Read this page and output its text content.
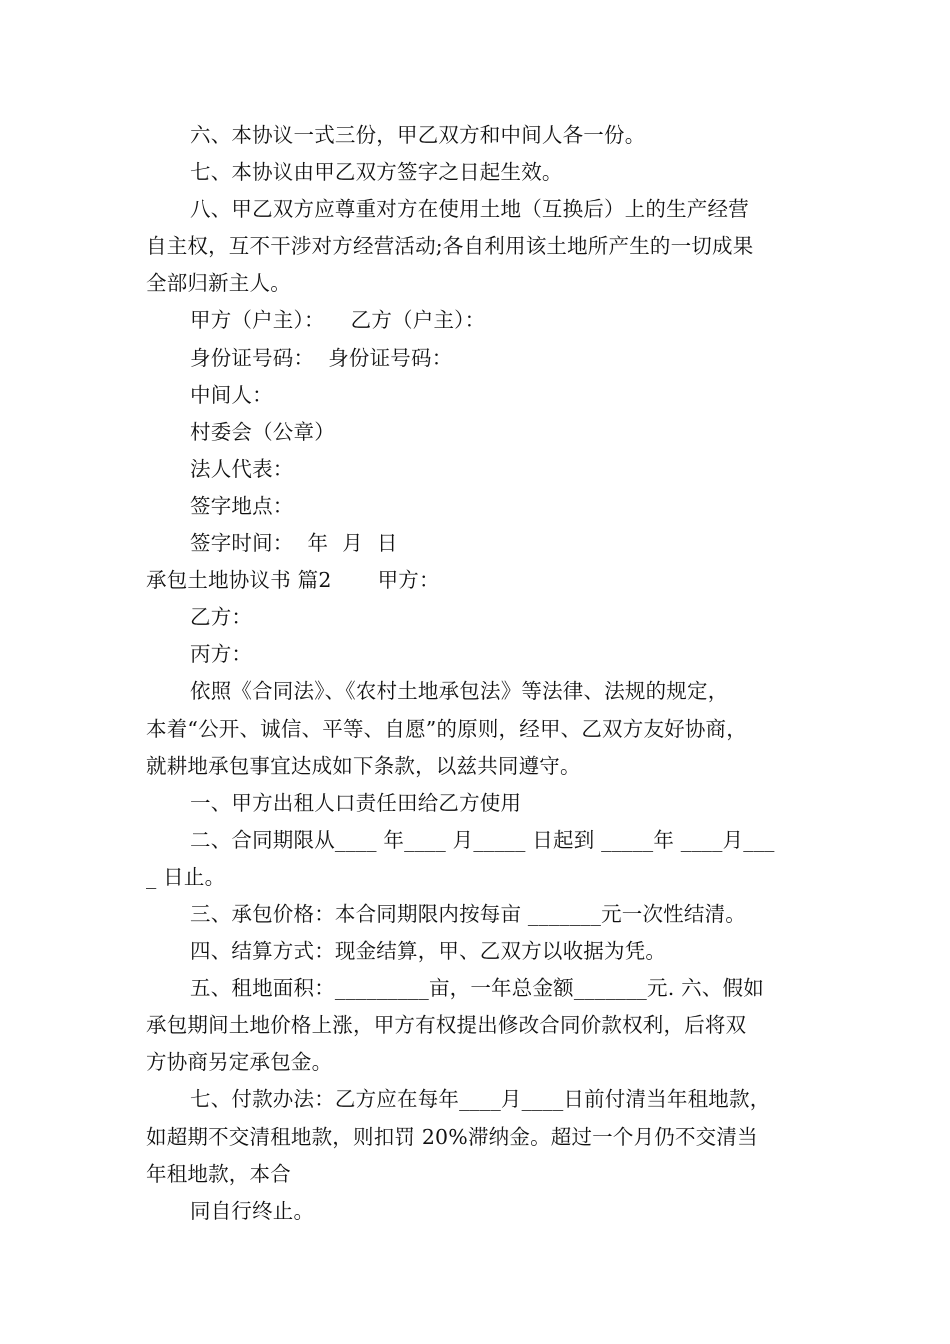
六、本协议一式三份，甲乙双方和中间人各一份。
七、本协议由甲乙双方签字之日起生效。
八、甲乙双方应尊重对方在使用土地（互换后）上的生产经营
自主权，互不干涉对方经营活动;各自利用该土地所产生的一切成果
全部归新主人。
甲方（户主）： 乙方（户主）：
身份证号码： 身份证号码：
中间人：
村委会（公章）
法人代表：
签字地点：
签字时间： 年 月 日
承包土地协议书 篇2 甲方：
乙方：
丙方：
依照《合同法》、《农村土地承包法》等法律、法规的规定，
本着“公开、诚信、平等、自愿”的原则，经甲、乙双方友好协商，
就耕地承包事宜达成如下条款，以兹共同遵守。
一、甲方出租人口责任田给乙方使用
二、合同期限从____ 年____ 月_____ 日起到 _____年 ____月___
_ 日止。
三、承包价格：本合同期限内按每亩 _______元一次性结清。
四、结算方式：现金结算，甲、乙双方以收据为凭。
五、租地面积：_________亩，一年总金额_______元. 六、假如
承包期间土地价格上涨，甲方有权提出修改合同价款权利，后将双
方协商另定承包金。
七、付款办法：乙方应在每年____月____日前付清当年租地款，
如超期不交清租地款，则扣罚 20%滞纳金。超过一个月仍不交清当
年租地款，本合
同自行终止。
